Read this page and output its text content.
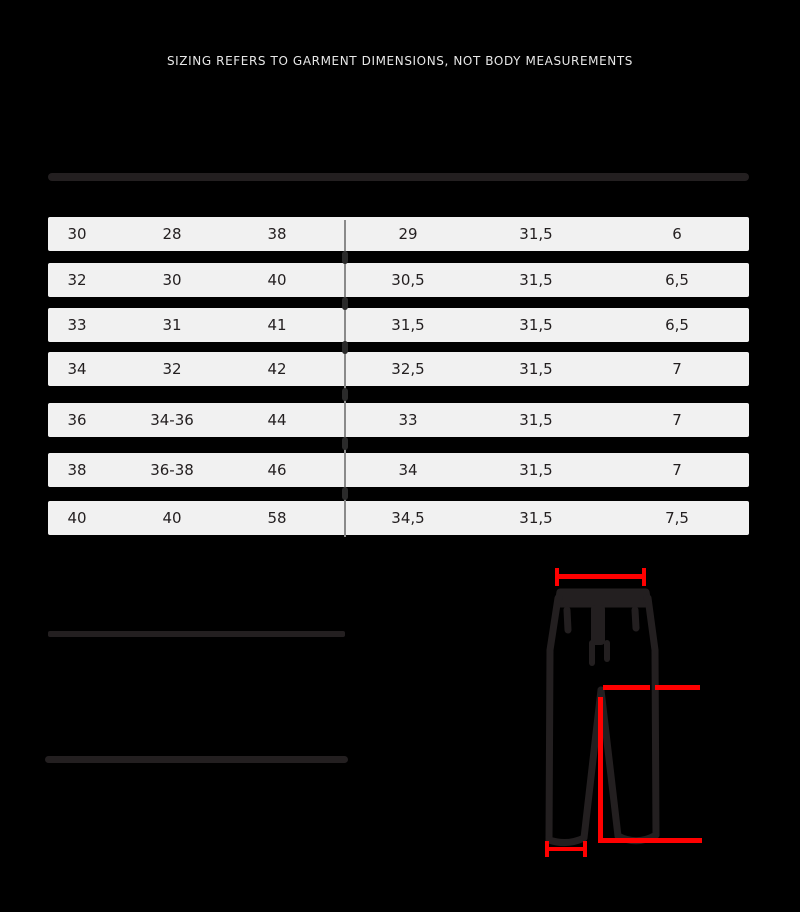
SIZING REFERS TO GARMENT DIMENSIONS, NOT BODY MEASUREMENTS
30	28	38	29	31,5	6
32	30	40	30,5	31,5	6,5
33	31	41	31,5	31,5	6,5
34	32	42	32,5	31,5	7
36	34-36	44	33	31,5	7
38	36-38	46	34	31,5	7
40	40	58	34,5	31,5	7,5
